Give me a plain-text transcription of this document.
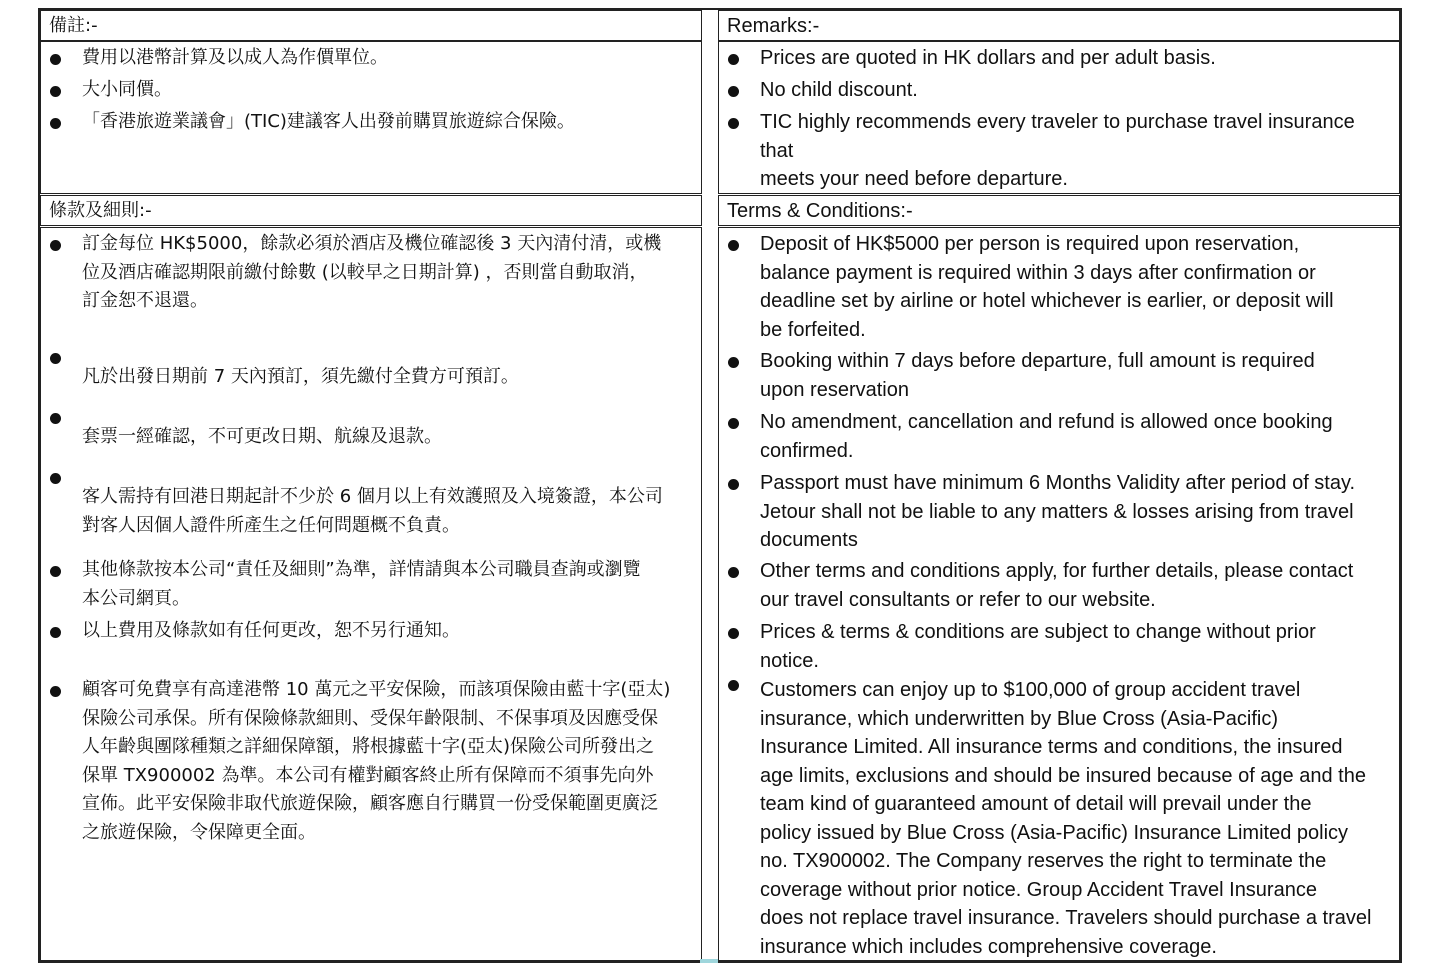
備註:-	Remarks:-
費用以港幣計算及以成人為作價單位。
大小同價。
「香港旅遊業議會」(TIC)建議客人出發前購買旅遊綜合保險。
Prices are quoted in HK dollars and per adult basis.
No child discount.
TIC highly recommends every traveler to purchase travel insurance
that
meets your need before departure.
條款及細則:-	Terms & Conditions:-
訂金每位 HK$5000，餘款必須於酒店及機位確認後 3 天內清付清，或機
位及酒店確認期限前繳付餘數 (以較早之日期計算) ，否則當自動取消，
訂金恕不退還。
凡於出發日期前 7 天內預訂，須先繳付全費方可預訂。
套票一經確認，不可更改日期、航線及退款。
客人需持有回港日期起計不少於 6 個月以上有效護照及入境簽證，本公司
對客人因個人證件所產生之任何問題概不負責。
其他條款按本公司“責任及細則”為準，詳情請與本公司職員查詢或瀏覽
本公司網頁。
以上費用及條款如有任何更改，恕不另行通知。
顧客可免費享有高達港幣 10 萬元之平安保險，而該項保險由藍十字(亞太)
保險公司承保。所有保險條款細則、受保年齡限制、不保事項及因應受保
人年齡與團隊種類之詳細保障額，將根據藍十字(亞太)保險公司所發出之
保單 TX900002 為準。本公司有權對顧客終止所有保障而不須事先向外
宣佈。此平安保險非取代旅遊保險，顧客應自行購買一份受保範圍更廣泛
之旅遊保險，令保障更全面。
Deposit of HK$5000 per person is required upon reservation,
balance payment is required within 3 days after confirmation or
deadline set by airline or hotel whichever is earlier, or deposit will
be forfeited.
Booking within 7 days before departure, full amount is required
upon reservation
No amendment, cancellation and refund is allowed once booking
confirmed.
Passport must have minimum 6 Months Validity after period of stay.
Jetour shall not be liable to any matters & losses arising from travel
documents
Other terms and conditions apply, for further details, please contact
our travel consultants or refer to our website.
Prices & terms & conditions are subject to change without prior
notice.
Customers can enjoy up to $100,000 of group accident travel
insurance, which underwritten by Blue Cross (Asia-Pacific)
Insurance Limited. All insurance terms and conditions, the insured
age limits, exclusions and should be insured because of age and the
team kind of guaranteed amount of detail will prevail under the
policy issued by Blue Cross (Asia-Pacific) Insurance Limited policy
no. TX900002. The Company reserves the right to terminate the
coverage without prior notice. Group Accident Travel Insurance
does not replace travel insurance. Travelers should purchase a travel
insurance which includes comprehensive coverage.
